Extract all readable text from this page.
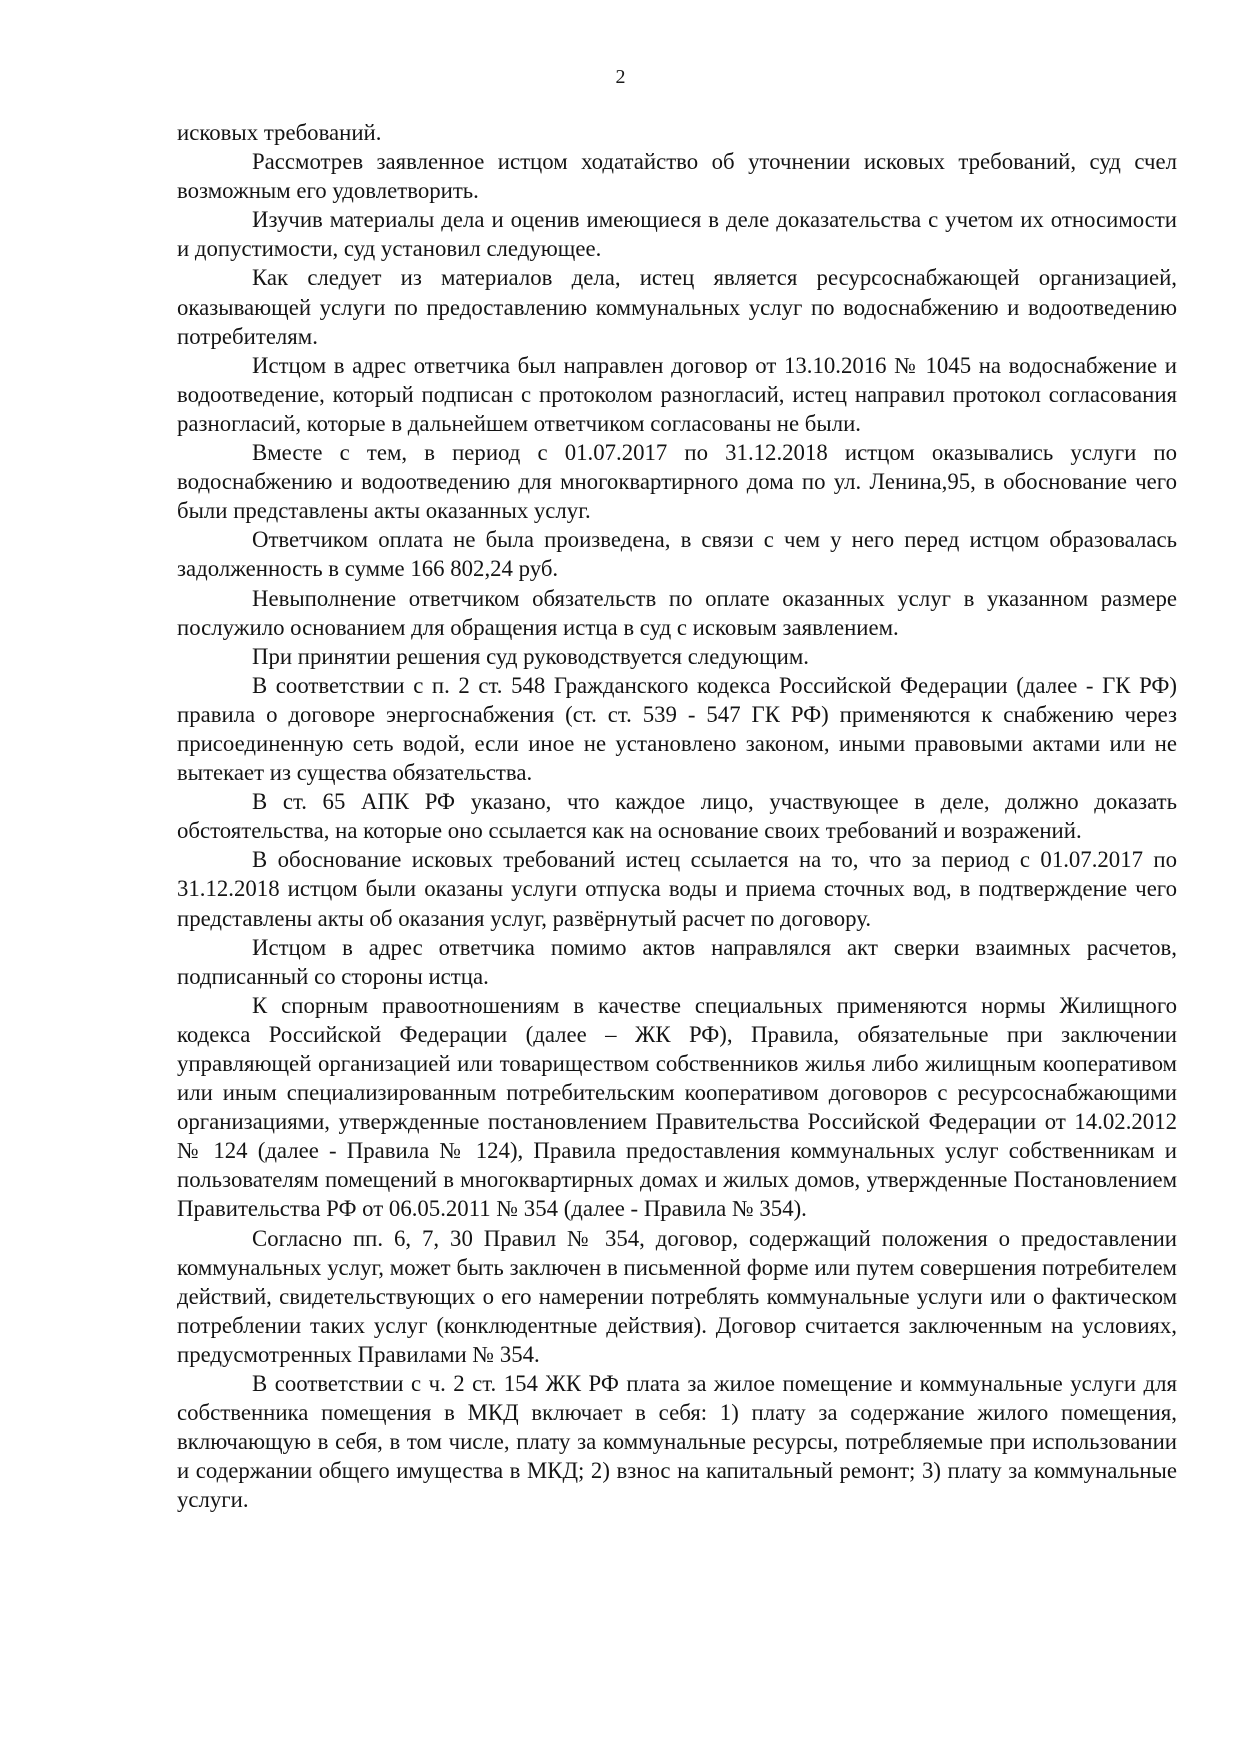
2

исковых требований.

Рассмотрев заявленное истцом ходатайство об уточнении исковых требований, суд счел возможным его удовлетворить.

Изучив материалы дела и оценив имеющиеся в деле доказательства с учетом их относимости и допустимости, суд установил следующее.

Как следует из материалов дела, истец является ресурсоснабжающей организацией, оказывающей услуги по предоставлению коммунальных услуг по водоснабжению и водоотведению потребителям.

Истцом в адрес ответчика был направлен договор от 13.10.2016 № 1045 на водоснабжение и водоотведение, который подписан с протоколом разногласий, истец направил протокол согласования разногласий, которые в дальнейшем ответчиком согласованы не были.

Вместе с тем, в период с 01.07.2017 по 31.12.2018 истцом оказывались услуги по водоснабжению и водоотведению для многоквартирного дома по ул. Ленина,95, в обоснование чего были представлены акты оказанных услуг.

Ответчиком оплата не была произведена, в связи с чем у него перед истцом образовалась задолженность в сумме 166 802,24 руб.

Невыполнение ответчиком обязательств по оплате оказанных услуг в указанном размере послужило основанием для обращения истца в суд с исковым заявлением.

При принятии решения суд руководствуется следующим.

В соответствии с п. 2 ст. 548 Гражданского кодекса Российской Федерации (далее - ГК РФ) правила о договоре энергоснабжения (ст. ст. 539 - 547 ГК РФ) применяются к снабжению через присоединенную сеть водой, если иное не установлено законом, иными правовыми актами или не вытекает из существа обязательства.

В ст. 65 АПК РФ указано, что каждое лицо, участвующее в деле, должно доказать обстоятельства, на которые оно ссылается как на основание своих требований и возражений.

В обоснование исковых требований истец ссылается на то, что за период с 01.07.2017 по 31.12.2018 истцом были оказаны услуги отпуска воды и приема сточных вод, в подтверждение чего представлены акты об оказания услуг, развёрнутый расчет по договору.

Истцом в адрес ответчика помимо актов направлялся акт сверки взаимных расчетов, подписанный со стороны истца.

К спорным правоотношениям в качестве специальных применяются нормы Жилищного кодекса Российской Федерации (далее – ЖК РФ), Правила, обязательные при заключении управляющей организацией или товариществом собственников жилья либо жилищным кооперативом или иным специализированным потребительским кооперативом договоров с ресурсоснабжающими организациями, утвержденные постановлением Правительства Российской Федерации от 14.02.2012 № 124 (далее - Правила № 124), Правила предоставления коммунальных услуг собственникам и пользователям помещений в многоквартирных домах и жилых домов, утвержденные Постановлением Правительства РФ от 06.05.2011 № 354 (далее - Правила № 354).

Согласно пп. 6, 7, 30 Правил № 354, договор, содержащий положения о предоставлении коммунальных услуг, может быть заключен в письменной форме или путем совершения потребителем действий, свидетельствующих о его намерении потреблять коммунальные услуги или о фактическом потреблении таких услуг (конклюдентные действия). Договор считается заключенным на условиях, предусмотренных Правилами № 354.

В соответствии с ч. 2 ст. 154 ЖК РФ плата за жилое помещение и коммунальные услуги для собственника помещения в МКД включает в себя: 1) плату за содержание жилого помещения, включающую в себя, в том числе, плату за коммунальные ресурсы, потребляемые при использовании и содержании общего имущества в МКД; 2) взнос на капитальный ремонт; 3) плату за коммунальные услуги.
